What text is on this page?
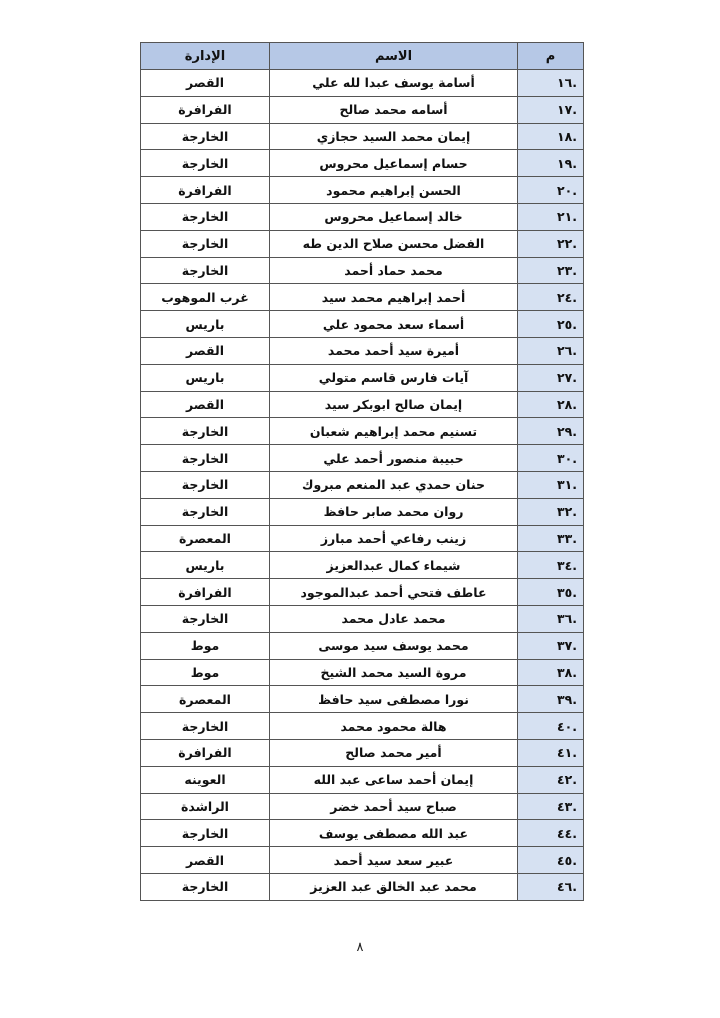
م	الاسم	الإدارة
.١٦	أسامة يوسف عبدا لله علي	القصر
.١٧	أسامه محمد صالح	الفرافرة
.١٨	إيمان محمد السيد حجازي	الخارجة
.١٩	حسام إسماعيل محروس	الخارجة
.٢٠	الحسن إبراهيم محمود	الفرافرة
.٢١	خالد إسماعيل محروس	الخارجة
.٢٢	الفضل محسن صلاح الدين طه	الخارجة
.٢٣	محمد حماد أحمد	الخارجة
.٢٤	أحمد إبراهيم محمد سيد	غرب الموهوب
.٢٥	أسماء سعد محمود علي	باريس
.٢٦	أميرة سيد أحمد محمد	القصر
.٢٧	آيات فارس قاسم متولي	باريس
.٢٨	إيمان صالح ابوبكر سيد	القصر
.٢٩	تسنيم محمد إبراهيم شعبان	الخارجة
.٣٠	حبيبة منصور أحمد علي	الخارجة
.٣١	حنان حمدي عبد المنعم مبروك	الخارجة
.٣٢	روان محمد صابر حافظ	الخارجة
.٣٣	زينب رفاعي أحمد مبارز	المعصرة
.٣٤	شيماء كمال عبدالعزيز	باريس
.٣٥	عاطف فتحي أحمد عبدالموجود	الفرافرة
.٣٦	محمد عادل محمد	الخارجة
.٣٧	محمد يوسف سيد موسى	موط
.٣٨	مروة السيد محمد الشيخ	موط
.٣٩	نورا مصطفى سيد حافظ	المعصرة
.٤٠	هالة محمود محمد	الخارجة
.٤١	أمير محمد صالح	الفرافرة
.٤٢	إيمان أحمد ساعى عبد الله	العوينه
.٤٣	صباح سيد أحمد خضر	الراشدة
.٤٤	عبد الله مصطفى يوسف	الخارجة
.٤٥	عبير سعد سيد أحمد	القصر
.٤٦	محمد عبد الخالق عبد العزيز	الخارجة
٨
